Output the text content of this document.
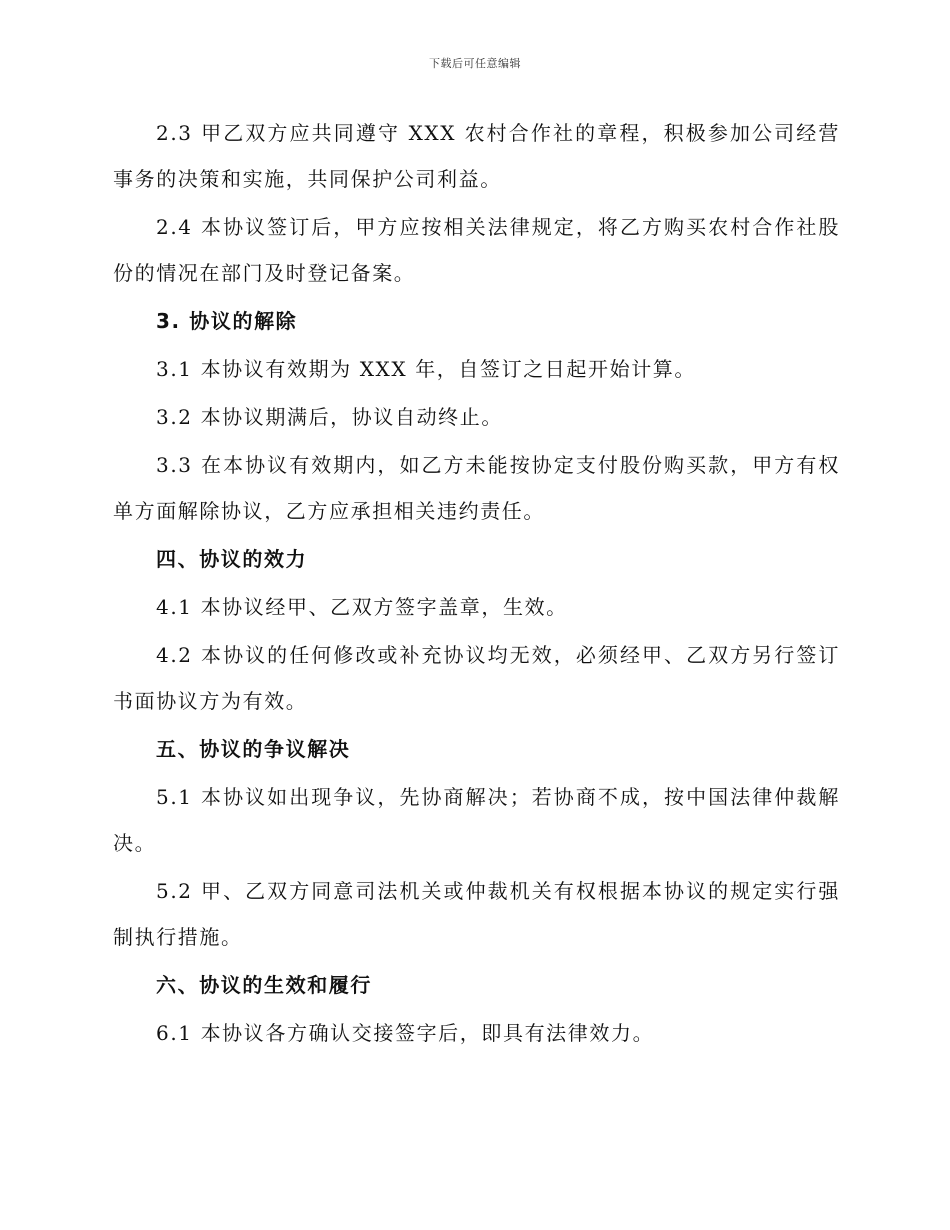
下载后可任意编辑

2.3 甲乙双方应共同遵守 XXX 农村合作社的章程，积极参加公司经营事务的决策和实施，共同保护公司利益。

2.4 本协议签订后，甲方应按相关法律规定，将乙方购买农村合作社股份的情况在部门及时登记备案。

3. 协议的解除

3.1 本协议有效期为 XXX 年，自签订之日起开始计算。

3.2 本协议期满后，协议自动终止。

3.3 在本协议有效期内，如乙方未能按协定支付股份购买款，甲方有权单方面解除协议，乙方应承担相关违约责任。

四、协议的效力

4.1 本协议经甲、乙双方签字盖章，生效。

4.2 本协议的任何修改或补充协议均无效，必须经甲、乙双方另行签订书面协议方为有效。

五、协议的争议解决

5.1 本协议如出现争议，先协商解决；若协商不成，按中国法律仲裁解决。

5.2 甲、乙双方同意司法机关或仲裁机关有权根据本协议的规定实行强制执行措施。

六、协议的生效和履行

6.1 本协议各方确认交接签字后，即具有法律效力。
